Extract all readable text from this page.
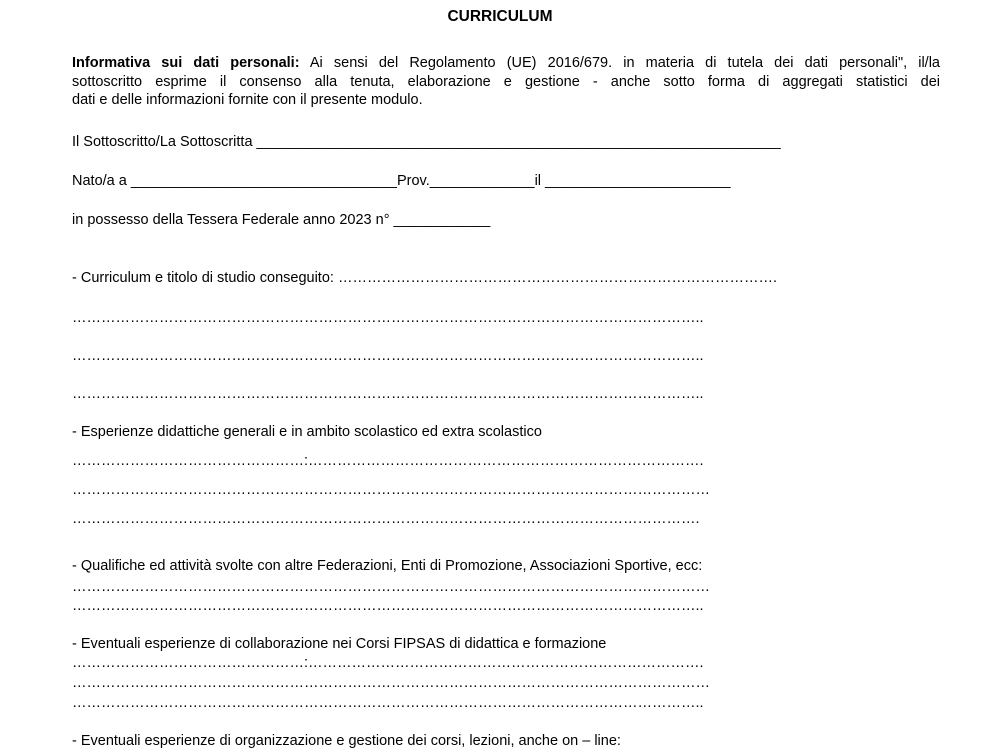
CURRICULUM
Informativa sui dati personali: Ai sensi del Regolamento (UE) 2016/679. in materia di tutela dei dati personali", il/la
sottoscritto esprime il consenso alla tenuta, elaborazione e gestione - anche sotto forma di aggregati statistici dei
dati e delle informazioni fornite con il presente modulo.
Il Sottoscritto/La Sottoscritta _________________________________________________________________
Nato/a a _________________________________Prov._____________il _______________________
in possesso della Tessera Federale anno 2023 n° ____________
- Curriculum e titolo di studio conseguito: ……………………………………………………………………………….
…………………………………………………………………………………………………………………..
…………………………………………………………………………………………………………………..
…………………………………………………………………………………………………………………..
- Esperienze didattiche generali e in ambito scolastico ed extra scolastico
…………………………………………:……………………………………………………………………….
……………………………………………………………………………………………………………………
………………………………………………………………………………………………………………….
- Qualifiche ed attività svolte con altre Federazioni, Enti di Promozione, Associazioni Sportive, ecc:
……………………………………………………………………………………………………………………
…………………………………………………………………………………………………………………..
- Eventuali esperienze di collaborazione nei Corsi FIPSAS di didattica e formazione
…………………………………………:……………………………………………………………………….
……………………………………………………………………………………………………………………
…………………………………………………………………………………………………………………..
- Eventuali esperienze di organizzazione e gestione dei corsi, lezioni, anche on – line:
